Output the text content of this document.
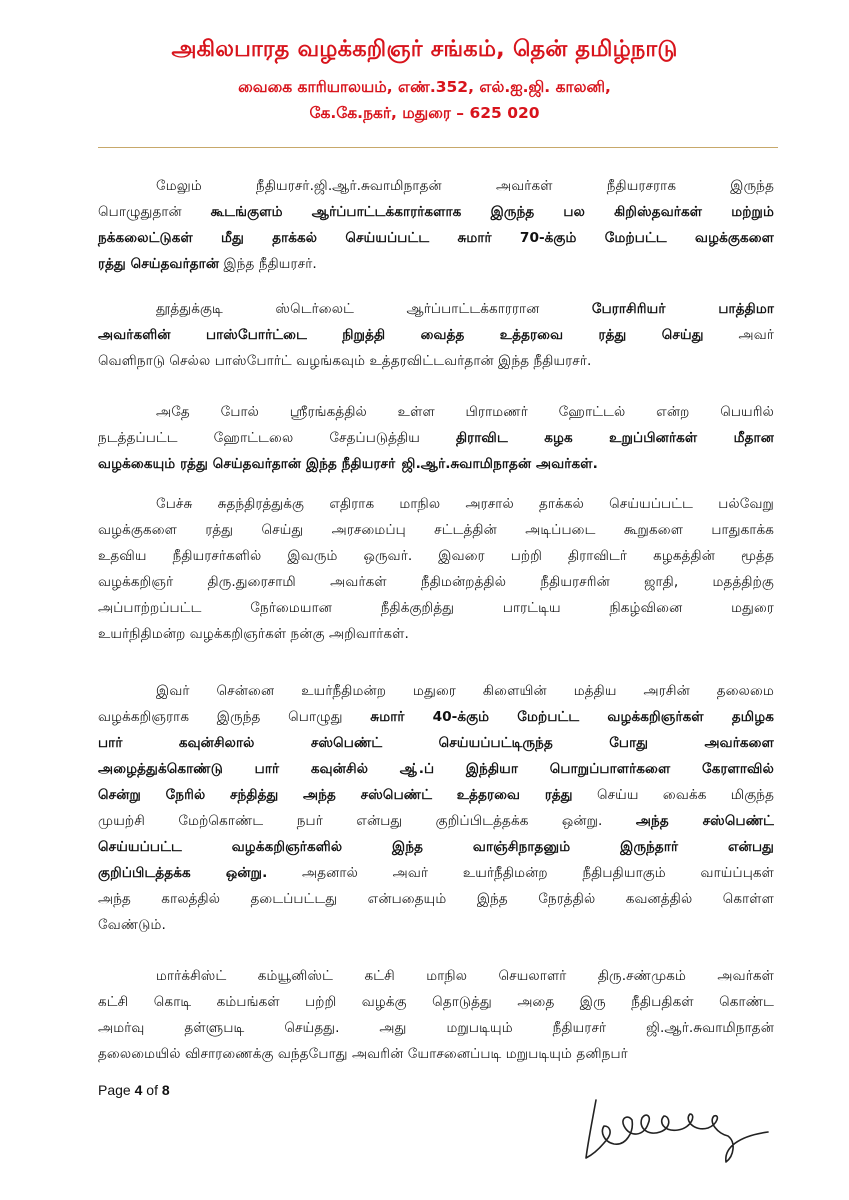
அகிலபாரத வழக்கறிஞர் சங்கம், தென் தமிழ்நாடு
வைகை காரியாலயம், எண்.352, எல்.ஐ.ஜி. காலனி,
கே.கே.நகர், மதுரை – 625 020
மேலும் நீதியரசர்.ஜி.ஆர்.சுவாமிநாதன் அவர்கள் நீதியரசராக இருந்த
பொழுதுதான் கூடங்குளம் ஆர்ப்பாட்டக்காரர்களாக இருந்த பல கிறிஸ்தவர்கள் மற்றும்
நக்கலைட்டுகள் மீது தாக்கல் செய்யப்பட்ட சுமார் 70-க்கும் மேற்பட்ட வழக்குகளை
ரத்து செய்தவர்தான் இந்த நீதியரசர்.
தூத்துக்குடி ஸ்டெர்லைட் ஆர்ப்பாட்டக்காரரான பேராசிரியர் பாத்திமா
அவர்களின் பாஸ்போர்ட்டை நிறுத்தி வைத்த உத்தரவை ரத்து செய்து அவர்
வெளிநாடு செல்ல பாஸ்போர்ட் வழங்கவும் உத்தரவிட்டவர்தான் இந்த நீதியரசர்.
அதே போல் ஸ்ரீரங்கத்தில் உள்ள பிராமணர் ஹோட்டல் என்ற பெயரில்
நடத்தப்பட்ட ஹோட்டலை சேதப்படுத்திய திராவிட கழக உறுப்பினர்கள் மீதான
வழக்கையும் ரத்து செய்தவர்தான் இந்த நீதியரசா் ஜி.ஆர்.சுவாமிநாதன் அவர்கள்.
பேச்சு சுதந்திரத்துக்கு எதிராக மாநில அரசால் தாக்கல் செய்யப்பட்ட பல்வேறு
வழக்குகளை ரத்து செய்து அரசமைப்பு சட்டத்தின் அடிப்படை கூறுகளை பாதுகாக்க
உதவிய நீதியரசர்களில் இவரும் ஒருவர். இவரை பற்றி திராவிடர் கழகத்தின் மூத்த
வழக்கறிஞர் திரு.துரைசாமி அவர்கள் நீதிமன்றத்தில் நீதியரசரின் ஜாதி, மதத்திற்கு
அப்பாற்றப்பட்ட நேர்மையான நீதிக்குறித்து பாரட்டிய நிகழ்வினை மதுரை
உயர்நிதிமன்ற வழக்கறிஞர்கள் நன்கு அறிவார்கள்.
இவர் சென்னை உயர்நீதிமன்ற மதுரை கிளையின் மத்திய அரசின் தலைமை
வழக்கறிஞராக இருந்த பொழுது சுமார் 40-க்கும் மேற்பட்ட வழக்கறிஞர்கள் தமிழக
பார் கவுன்சிலால் சஸ்பெண்ட் செய்யப்பட்டிருந்த போது அவர்களை
அழைத்துக்கொண்டு பார் கவுன்சில் ஆ்.ப் இந்தியா பொறுப்பாளர்களை கேரளாவில்
சென்று நேரில் சந்தித்து அந்த சஸ்பெண்ட் உத்தரவை ரத்து செய்ய வைக்க மிகுந்த
முயற்சி மேற்கொண்ட நபர் என்பது குறிப்பிடத்தக்க ஒன்று. அந்த சஸ்பெண்ட்
செய்யப்பட்ட வழக்கறிஞர்களில் இந்த வாஞ்சிநாதனும் இருந்தார் என்பது
குறிப்பிடத்தக்க ஒன்று. அதனால் அவர் உயர்நீதிமன்ற நீதிபதியாகும் வாய்ப்புகள்
அந்த காலத்தில் தடைப்பட்டது என்பதையும் இந்த நேரத்தில் கவனத்தில் கொள்ள
வேண்டும்.
மார்க்சிஸ்ட் கம்யூனிஸ்ட் கட்சி மாநில செயலாளர் திரு.சண்முகம் அவர்கள்
கட்சி கொடி கம்பங்கள் பற்றி வழக்கு தொடுத்து அதை இரு நீதிபதிகள் கொண்ட
அமர்வு தள்ளுபடி செய்தது. அது மறுபடியும் நீதியரசர் ஜி.ஆர்.சுவாமிநாதன்
தலைமையில் விசாரணைக்கு வந்தபோது அவரின் யோசனைப்படி மறுபடியும் தனிநபர்
Page 4 of 8
